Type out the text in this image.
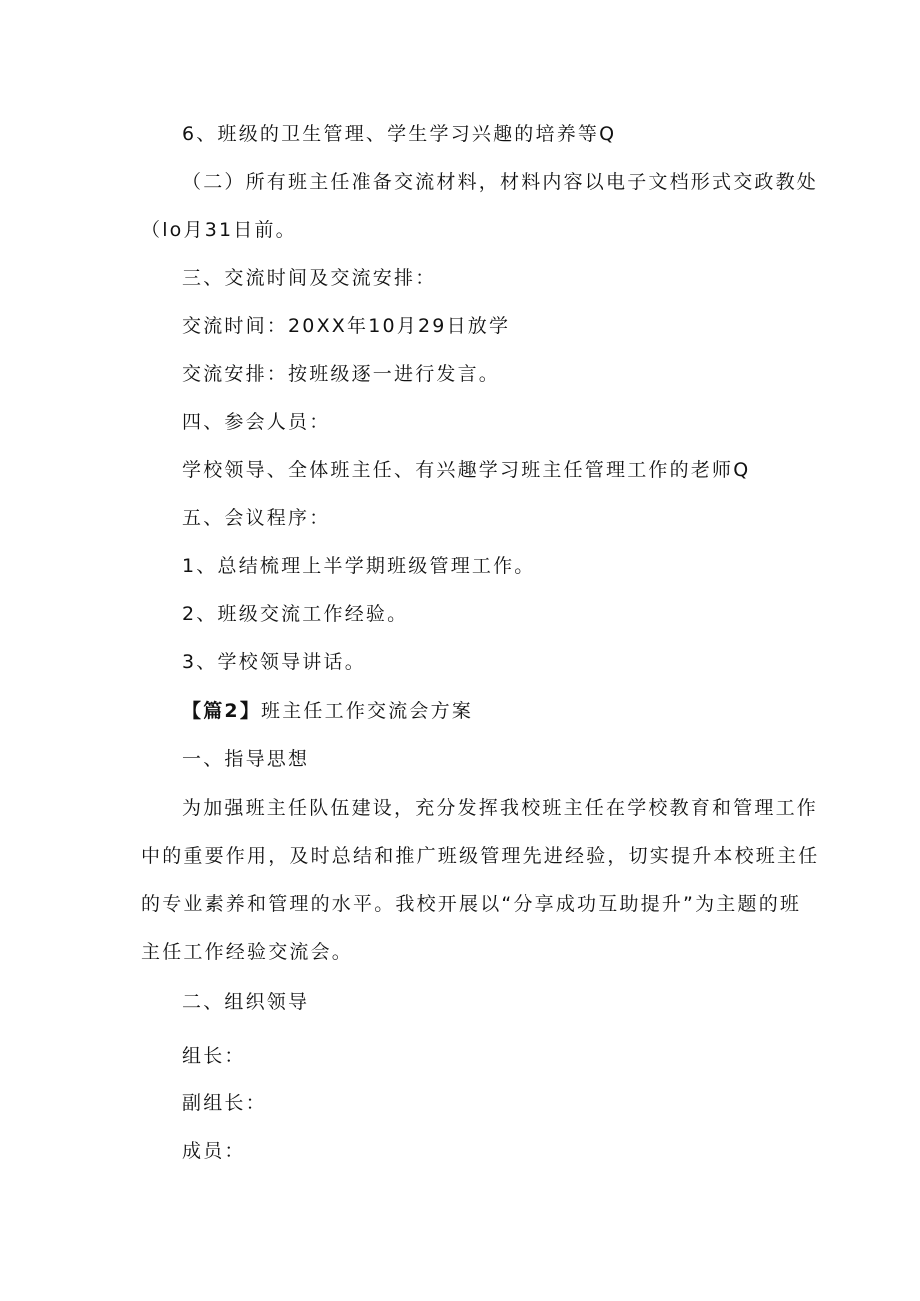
6、班级的卫生管理、学生学习兴趣的培养等Q
（二）所有班主任准备交流材料，材料内容以电子文档形式交政教处
（lo月31日前。
三、交流时间及交流安排：
交流时间：20XX年10月29日放学
交流安排：按班级逐一进行发言。
四、参会人员：
学校领导、全体班主任、有兴趣学习班主任管理工作的老师Q
五、会议程序：
1、总结梳理上半学期班级管理工作。
2、班级交流工作经验。
3、学校领导讲话。
【篇2】班主任工作交流会方案
一、指导思想
为加强班主任队伍建设，充分发挥我校班主任在学校教育和管理工作
中的重要作用，及时总结和推广班级管理先进经验，切实提升本校班主任
的专业素养和管理的水平。我校开展以“分享成功互助提升”为主题的班
主任工作经验交流会。
二、组织领导
组长：
副组长：
成员：
